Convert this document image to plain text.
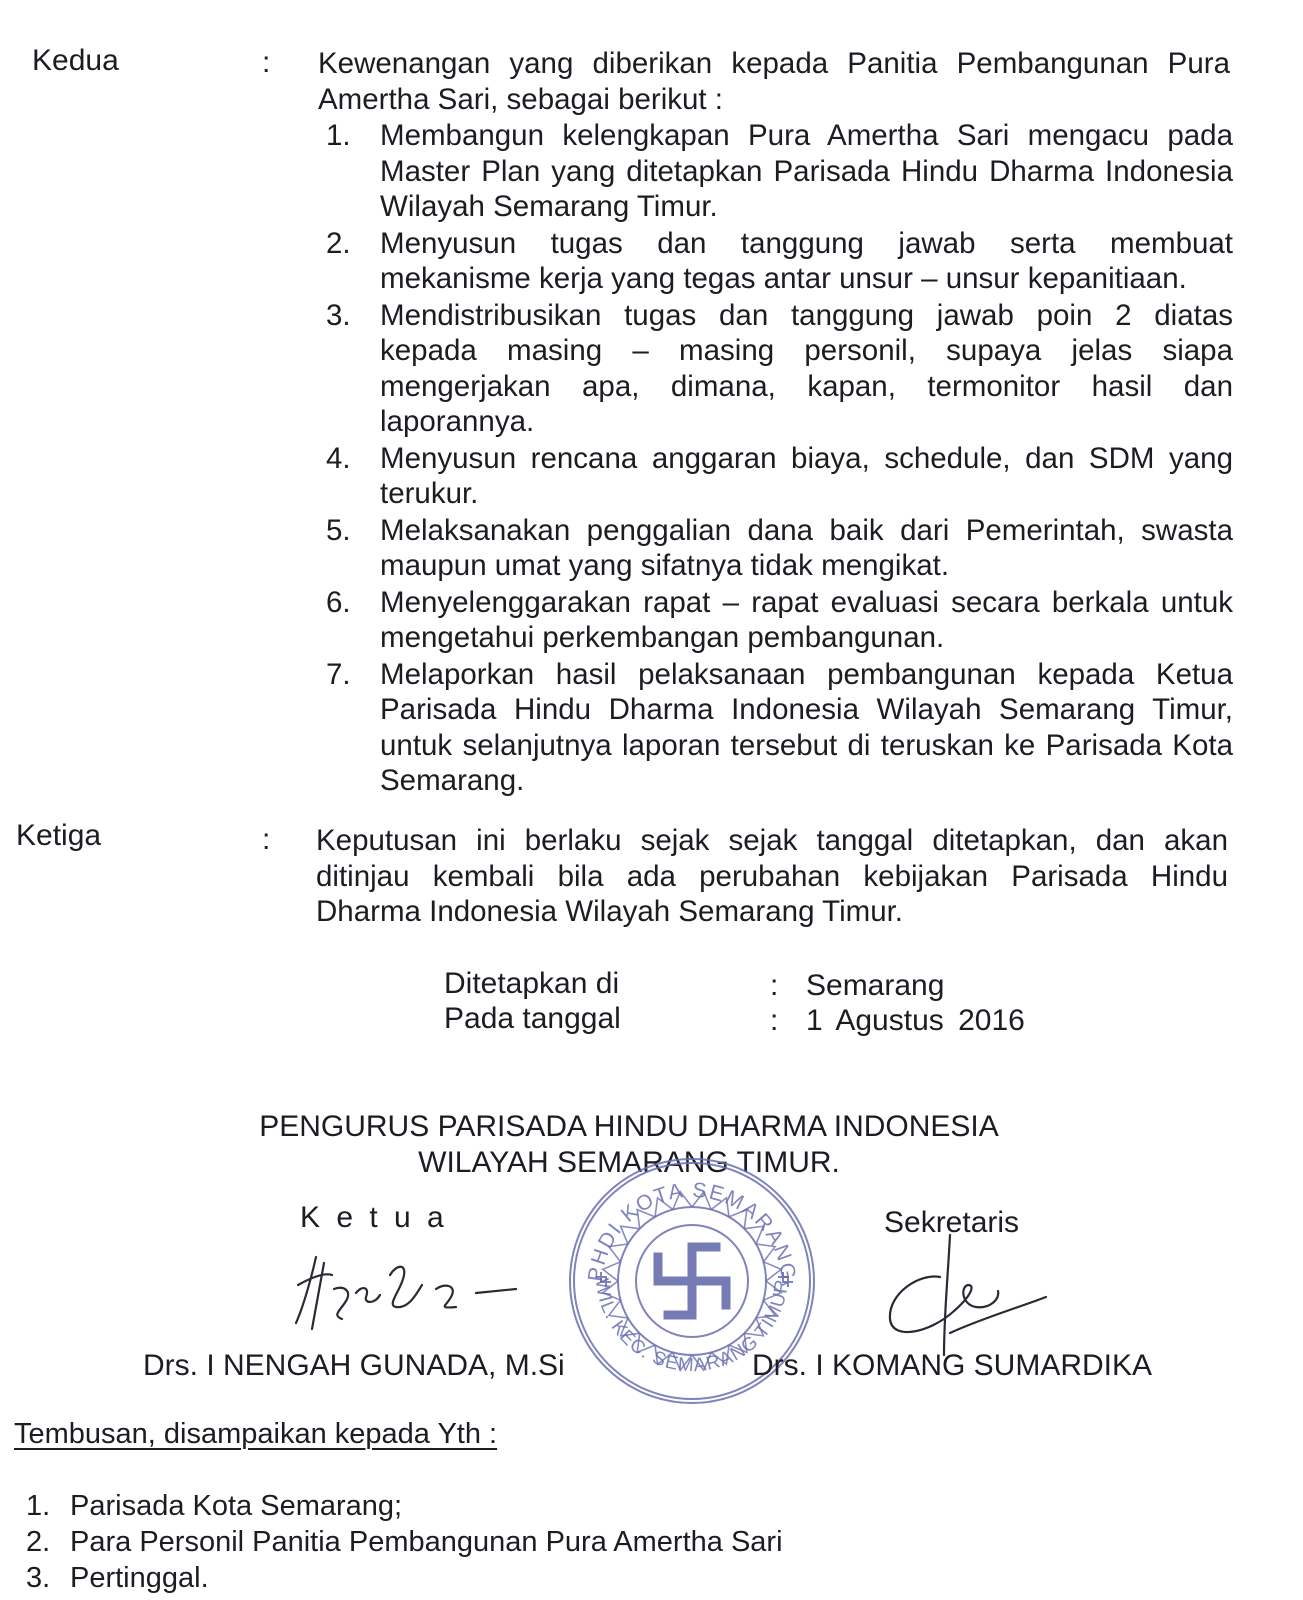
Kedua	: Kewenangan yang diberikan kepada Panitia Pembangunan Pura Amertha Sari, sebagai berikut :
1. Membangun kelengkapan Pura Amertha Sari mengacu pada Master Plan yang ditetapkan Parisada Hindu Dharma Indonesia Wilayah Semarang Timur.
2. Menyusun tugas dan tanggung jawab serta membuat mekanisme kerja yang tegas antar unsur – unsur kepanitiaan.
3. Mendistribusikan tugas dan tanggung jawab poin 2 diatas kepada masing – masing personil, supaya jelas siapa mengerjakan apa, dimana, kapan, termonitor hasil dan laporannya.
4. Menyusun rencana anggaran biaya, schedule, dan SDM yang terukur.
5. Melaksanakan penggalian dana baik dari Pemerintah, swasta maupun umat yang sifatnya tidak mengikat.
6. Menyelenggarakan rapat – rapat evaluasi secara berkala untuk mengetahui perkembangan pembangunan.
7. Melaporkan hasil pelaksanaan pembangunan kepada Ketua Parisada Hindu Dharma Indonesia Wilayah Semarang Timur, untuk selanjutnya laporan tersebut di teruskan ke Parisada Kota Semarang.
Ketiga	: Keputusan ini berlaku sejak sejak tanggal ditetapkan, dan akan ditinjau kembali bila ada perubahan kebijakan Parisada Hindu Dharma Indonesia Wilayah Semarang Timur.
Ditetapkan di	: Semarang
Pada tanggal	: 1 Agustus 2016
PENGURUS PARISADA HINDU DHARMA INDONESIA
WILAYAH SEMARANG TIMUR.
PHDI KOTA SEMARANG
WIL. KEC. SEMARANG TIMUR
K e t u a	Sekretaris
Drs. I NENGAH GUNADA, M.Si	Drs. I KOMANG SUMARDIKA
Tembusan, disampaikan kepada Yth :
1. Parisada Kota Semarang;
2. Para Personil Panitia Pembangunan Pura Amertha Sari
3. Pertinggal.
